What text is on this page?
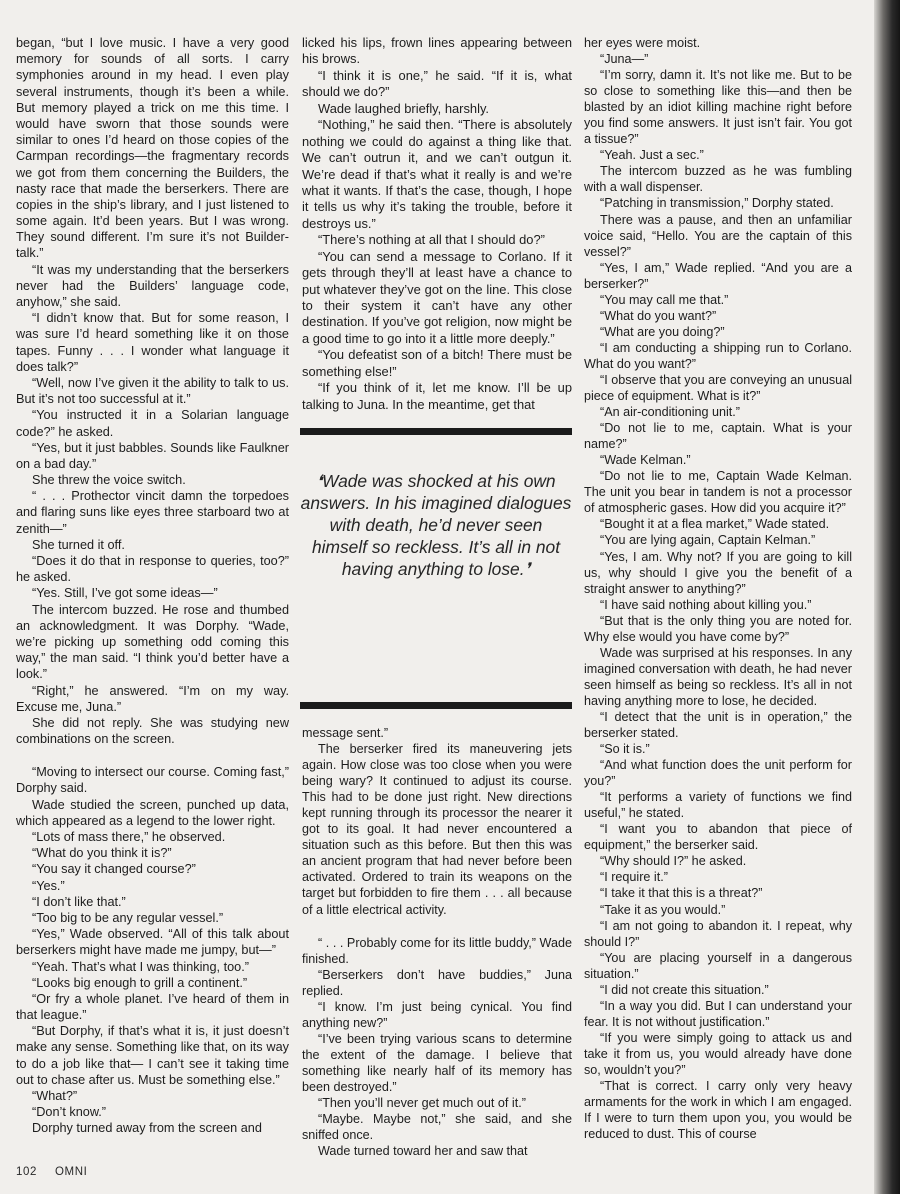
began, “but I love music. I have a very good memory for sounds of all sorts. I carry symphonies around in my head. I even play several instruments, though it’s been a while. But memory played a trick on me this time. I would have sworn that those sounds were similar to ones I’d heard on those copies of the Carmpan recordings—the fragmentary records we got from them concerning the Builders, the nasty race that made the berserkers. There are copies in the ship’s library, and I just listened to some again. It’d been years. But I was wrong. They sound different. I’m sure it’s not Builder-talk.”

“It was my understanding that the berserkers never had the Builders’ language code, anyhow,” she said.

“I didn’t know that. But for some reason, I was sure I’d heard something like it on those tapes. Funny . . . I wonder what language it does talk?”

“Well, now I’ve given it the ability to talk to us. But it’s not too successful at it.”

“You instructed it in a Solarian language code?” he asked.

“Yes, but it just babbles. Sounds like Faulkner on a bad day.”

She threw the voice switch.

“ . . . Prothector vincit damn the torpedoes and flaring suns like eyes three starboard two at zenith—”

She turned it off.

“Does it do that in response to queries, too?” he asked.

“Yes. Still, I’ve got some ideas—”

The intercom buzzed. He rose and thumbed an acknowledgment. It was Dorphy. “Wade, we’re picking up something odd coming this way,” the man said. “I think you’d better have a look.”

“Right,” he answered. “I’m on my way. Excuse me, Juna.”

She did not reply. She was studying new combinations on the screen.

“Moving to intersect our course. Coming fast,” Dorphy said.

Wade studied the screen, punched up data, which appeared as a legend to the lower right.

“Lots of mass there,” he observed.

“What do you think it is?”

“You say it changed course?”

“Yes.”

“I don’t like that.”

“Too big to be any regular vessel.”

“Yes,” Wade observed. “All of this talk about berserkers might have made me jumpy, but—”

“Yeah. That’s what I was thinking, too.”

“Looks big enough to grill a continent.”

“Or fry a whole planet. I’ve heard of them in that league.”

“But Dorphy, if that’s what it is, it just doesn’t make any sense. Something like that, on its way to do a job like that— I can’t see it taking time out to chase after us. Must be something else.”

“What?”

“Don’t know.”

Dorphy turned away from the screen and

licked his lips, frown lines appearing between his brows.

“I think it is one,” he said. “If it is, what should we do?”

Wade laughed briefly, harshly.

“Nothing,” he said then. “There is absolutely nothing we could do against a thing like that. We can’t outrun it, and we can’t outgun it. We’re dead if that’s what it really is and we’re what it wants. If that’s the case, though, I hope it tells us why it’s taking the trouble, before it destroys us.”

“There’s nothing at all that I should do?”

“You can send a message to Corlano. If it gets through they’ll at least have a chance to put whatever they’ve got on the line. This close to their system it can’t have any other destination. If you’ve got religion, now might be a good time to go into it a little more deeply.”

“You defeatist son of a bitch! There must be something else!”

“If you think of it, let me know. I’ll be up talking to Juna. In the meantime, get that

❛Wade was shocked at his own answers. In his imagined dialogues with death, he’d never seen himself so reckless. It’s all in not having anything to lose.❜

message sent.”

The berserker fired its maneuvering jets again. How close was too close when you were being wary? It continued to adjust its course. This had to be done just right. New directions kept running through its processor the nearer it got to its goal. It had never encountered a situation such as this before. But then this was an ancient program that had never before been activated. Ordered to train its weapons on the target but forbidden to fire them . . . all because of a little electrical activity.

“ . . . Probably come for its little buddy,” Wade finished.

“Berserkers don’t have buddies,” Juna replied.

“I know. I’m just being cynical. You find anything new?”

“I’ve been trying various scans to determine the extent of the damage. I believe that something like nearly half of its memory has been destroyed.”

“Then you’ll never get much out of it.”

“Maybe. Maybe not,” she said, and she sniffed once.

Wade turned toward her and saw that

her eyes were moist.

“Juna—”

“I’m sorry, damn it. It’s not like me. But to be so close to something like this—and then be blasted by an idiot killing machine right before you find some answers. It just isn’t fair. You got a tissue?”

“Yeah. Just a sec.”

The intercom buzzed as he was fumbling with a wall dispenser.

“Patching in transmission,” Dorphy stated.

There was a pause, and then an unfamiliar voice said, “Hello. You are the captain of this vessel?”

“Yes, I am,” Wade replied. “And you are a berserker?”

“You may call me that.”

“What do you want?”

“What are you doing?”

“I am conducting a shipping run to Corlano. What do you want?”

“I observe that you are conveying an unusual piece of equipment. What is it?”

“An air-conditioning unit.”

“Do not lie to me, captain. What is your name?”

“Wade Kelman.”

“Do not lie to me, Captain Wade Kelman. The unit you bear in tandem is not a processor of atmospheric gases. How did you acquire it?”

“Bought it at a flea market,” Wade stated.

“You are lying again, Captain Kelman.”

“Yes, I am. Why not? If you are going to kill us, why should I give you the benefit of a straight answer to anything?”

“I have said nothing about killing you.”

“But that is the only thing you are noted for. Why else would you have come by?”

Wade was surprised at his responses. In any imagined conversation with death, he had never seen himself as being so reckless. It’s all in not having anything more to lose, he decided.

“I detect that the unit is in operation,” the berserker stated.

“So it is.”

“And what function does the unit perform for you?”

“It performs a variety of functions we find useful,” he stated.

“I want you to abandon that piece of equipment,” the berserker said.

“Why should I?” he asked.

“I require it.”

“I take it that this is a threat?”

“Take it as you would.”

“I am not going to abandon it. I repeat, why should I?”

“You are placing yourself in a dangerous situation.”

“I did not create this situation.”

“In a way you did. But I can understand your fear. It is not without justification.”

“If you were simply going to attack us and take it from us, you would already have done so, wouldn’t you?”

“That is correct. I carry only very heavy armaments for the work in which I am engaged. If I were to turn them upon you, you would be reduced to dust. This of course

102 OMNI
